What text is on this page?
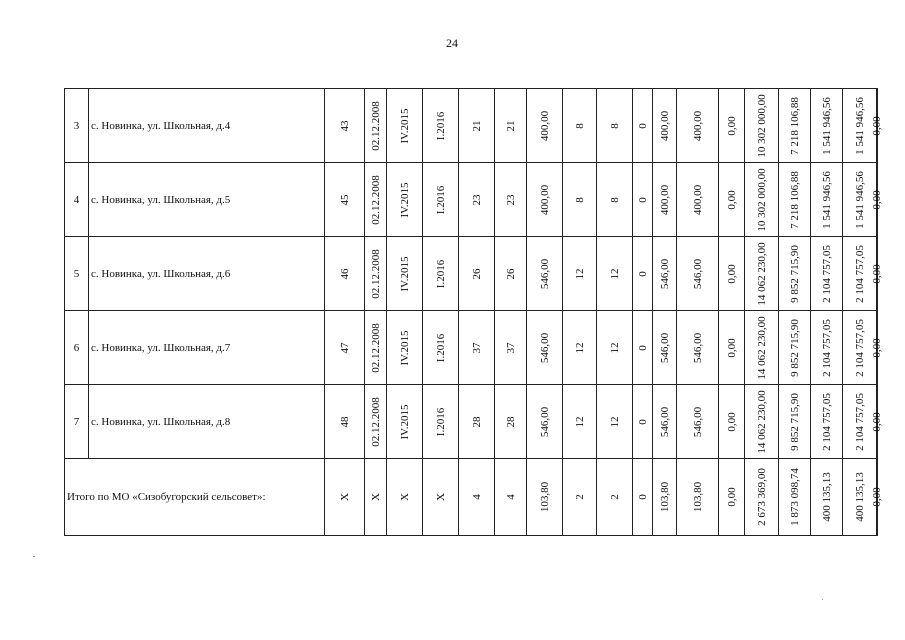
24
3	с. Новинка, ул. Школьная, д.4	43	02.12.2008	IV.2015	I.2016	21	21	400,00	8	8	0	400,00	400,00	0,00	10 302 000,00	7 218 106,88	1 541 946,56	1 541 946,56	0,00

4	с. Новинка, ул. Школьная, д.5	45	02.12.2008	IV.2015	I.2016	23	23	400,00	8	8	0	400,00	400,00	0,00	10 302 000,00	7 218 106,88	1 541 946,56	1 541 946,56	0,00

5	с. Новинка, ул. Школьная, д.6	46	02.12.2008	IV.2015	I.2016	26	26	546,00	12	12	0	546,00	546,00	0,00	14 062 230,00	9 852 715,90	2 104 757,05	2 104 757,05	0,00

6	с. Новинка, ул. Школьная, д.7	47	02.12.2008	IV.2015	I.2016	37	37	546,00	12	12	0	546,00	546,00	0,00	14 062 230,00	9 852 715,90	2 104 757,05	2 104 757,05	0,00

7	с. Новинка, ул. Школьная, д.8	48	02.12.2008	IV.2015	I.2016	28	28	546,00	12	12	0	546,00	546,00	0,00	14 062 230,00	9 852 715,90	2 104 757,05	2 104 757,05	0,00

Итого по МО «Сизобугорский сельсовет»:		Х	Х	Х	Х	4	4	103,80	2	2	0	103,80	103,80	0,00	2 673 369,00	1 873 098,74	400 135,13	400 135,13	0,00
